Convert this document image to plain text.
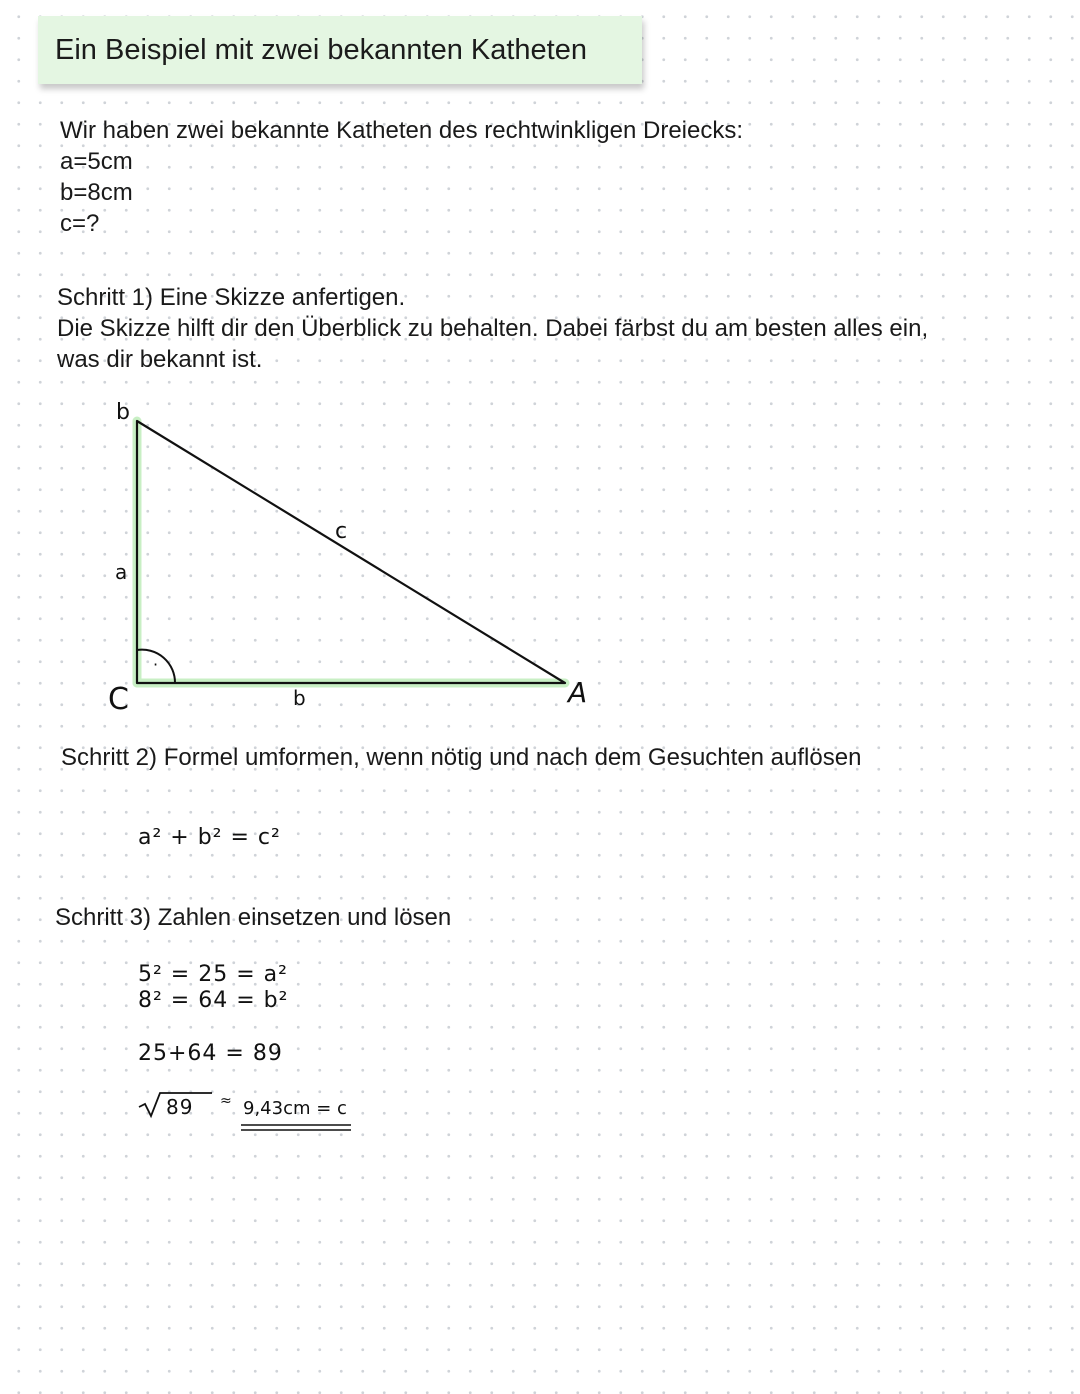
Ein Beispiel mit zwei bekannten Katheten
Wir haben zwei bekannte Katheten des rechtwinkligen Dreiecks:
a=5cm
b=8cm
c=?
Schritt 1) Eine Skizze anfertigen.
Die Skizze hilft dir den Überblick zu behalten. Dabei färbst du am besten alles ein,
was dir bekannt ist.
·
b
C	A
a
b
c
Schritt 2) Formel umformen, wenn nötig und nach dem Gesuchten auflösen
a² + b² = c²
Schritt 3) Zahlen einsetzen und lösen
5² = 25 = a²
8² = 64 = b²
25+64 = 89
89 ≈ 9,43cm = c
